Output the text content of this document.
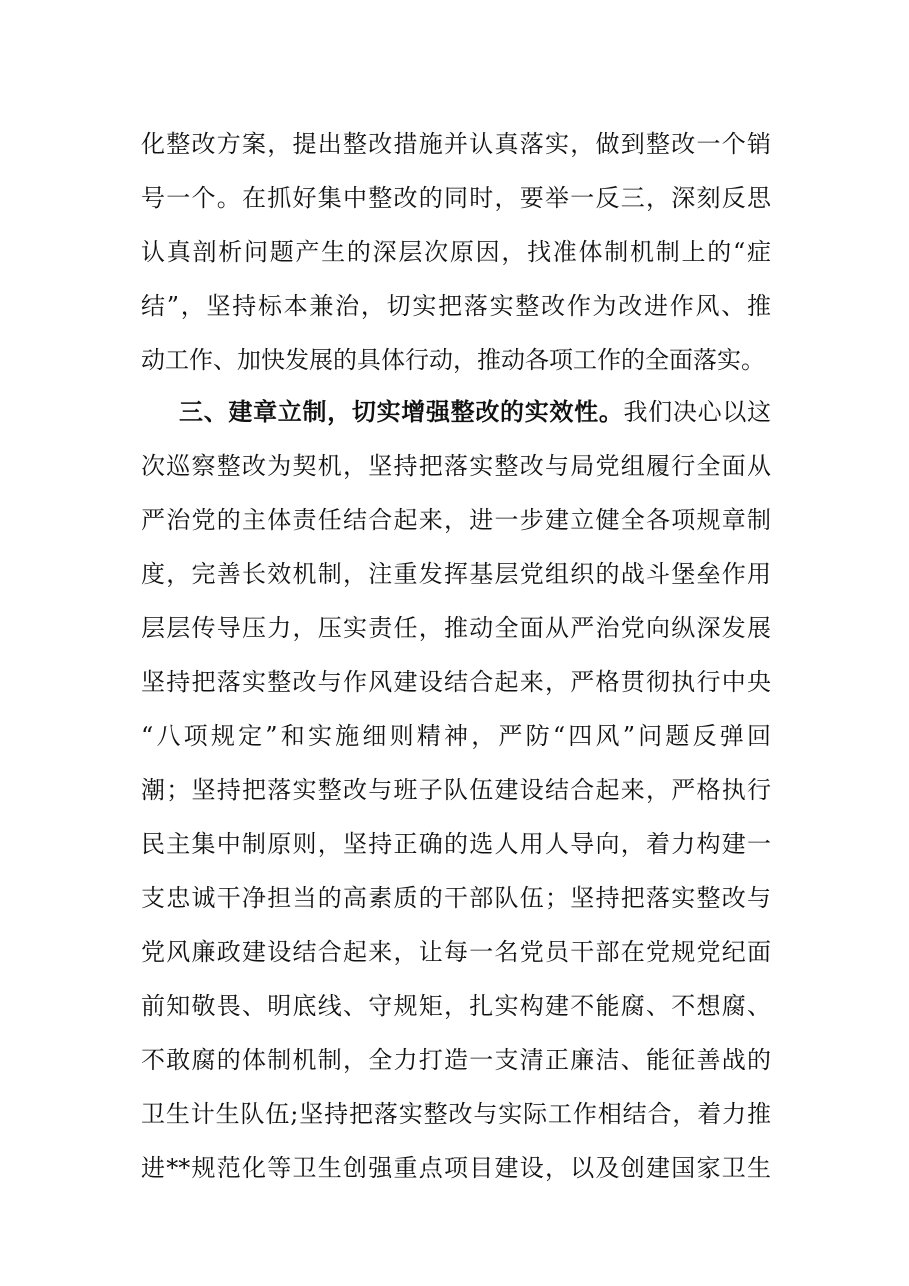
化整改方案，提出整改措施并认真落实，做到整改一个销
号一个。在抓好集中整改的同时，要举一反三，深刻反思
认真剖析问题产生的深层次原因，找准体制机制上的“症
结”，坚持标本兼治，切实把落实整改作为改进作风、推
动工作、加快发展的具体行动，推动各项工作的全面落实。
三、建章立制，切实增强整改的实效性。我们决心以这
次巡察整改为契机，坚持把落实整改与局党组履行全面从
严治党的主体责任结合起来，进一步建立健全各项规章制
度，完善长效机制，注重发挥基层党组织的战斗堡垒作用
层层传导压力，压实责任，推动全面从严治党向纵深发展
坚持把落实整改与作风建设结合起来，严格贯彻执行中央
“八项规定”和实施细则精神，严防“四风”问题反弹回
潮；坚持把落实整改与班子队伍建设结合起来，严格执行
民主集中制原则，坚持正确的选人用人导向，着力构建一
支忠诚干净担当的高素质的干部队伍；坚持把落实整改与
党风廉政建设结合起来，让每一名党员干部在党规党纪面
前知敬畏、明底线、守规矩，扎实构建不能腐、不想腐、
不敢腐的体制机制，全力打造一支清正廉洁、能征善战的
卫生计生队伍;坚持把落实整改与实际工作相结合，着力推
进**规范化等卫生创强重点项目建设，以及创建国家卫生
